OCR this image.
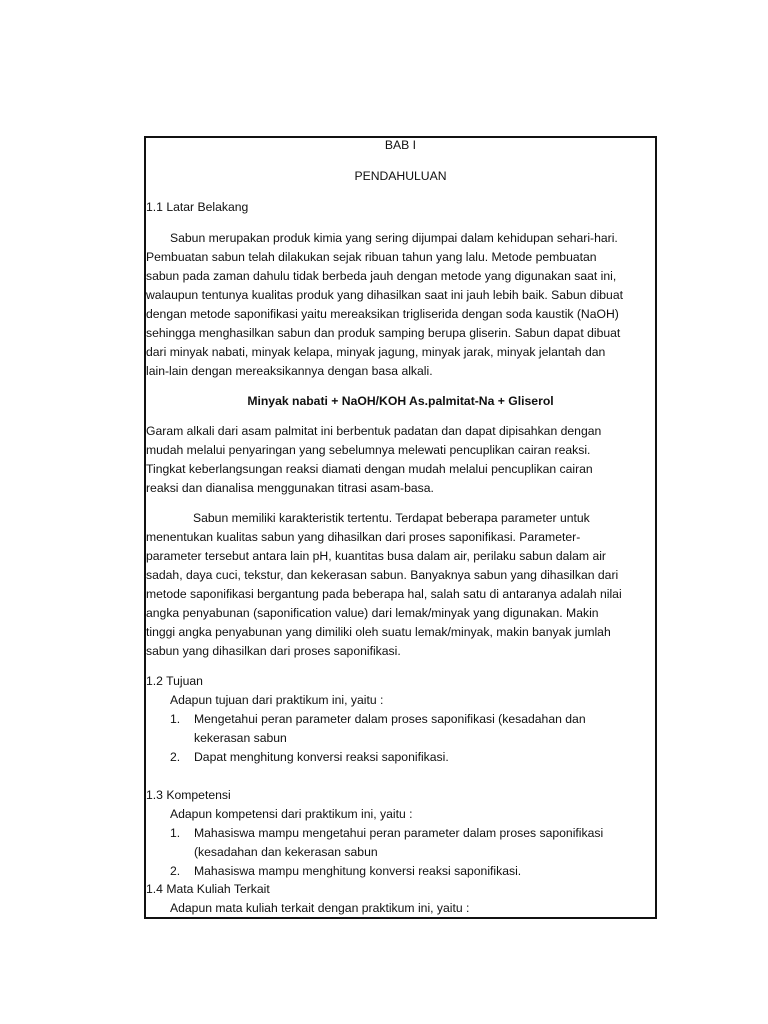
BAB I
PENDAHULUAN
1.1 Latar Belakang
Sabun merupakan produk kimia yang sering dijumpai dalam kehidupan sehari-hari.
Pembuatan sabun telah dilakukan sejak ribuan tahun yang lalu. Metode pembuatan
sabun pada zaman dahulu tidak berbeda jauh dengan metode yang digunakan saat ini,
walaupun tentunya kualitas produk yang dihasilkan saat ini jauh lebih baik. Sabun dibuat
dengan metode saponifikasi yaitu mereaksikan trigliserida dengan soda kaustik (NaOH)
sehingga menghasilkan sabun dan produk samping berupa gliserin. Sabun dapat dibuat
dari minyak nabati, minyak kelapa, minyak jagung, minyak jarak, minyak jelantah dan
lain-lain dengan mereaksikannya dengan basa alkali.
Minyak nabati + NaOH/KOH As.palmitat-Na + Gliserol
Garam alkali dari asam palmitat ini berbentuk padatan dan dapat dipisahkan dengan
mudah melalui penyaringan yang sebelumnya melewati pencuplikan cairan reaksi.
Tingkat keberlangsungan reaksi diamati dengan mudah melalui pencuplikan cairan
reaksi dan dianalisa menggunakan titrasi asam-basa.
Sabun memiliki karakteristik tertentu. Terdapat beberapa parameter untuk
menentukan kualitas sabun yang dihasilkan dari proses saponifikasi. Parameter-
parameter tersebut antara lain pH, kuantitas busa dalam air, perilaku sabun dalam air
sadah, daya cuci, tekstur, dan kekerasan sabun. Banyaknya sabun yang dihasilkan dari
metode saponifikasi bergantung pada beberapa hal, salah satu di antaranya adalah nilai
angka penyabunan (saponification value) dari lemak/minyak yang digunakan. Makin
tinggi angka penyabunan yang dimiliki oleh suatu lemak/minyak, makin banyak jumlah
sabun yang dihasilkan dari proses saponifikasi.
1.2 Tujuan
Adapun tujuan dari praktikum ini, yaitu :
1. Mengetahui peran parameter dalam proses saponifikasi (kesadahan dan
kekerasan sabun
2. Dapat menghitung konversi reaksi saponifikasi.
1.3 Kompetensi
Adapun kompetensi dari praktikum ini, yaitu :
1. Mahasiswa mampu mengetahui peran parameter dalam proses saponifikasi
(kesadahan dan kekerasan sabun
2. Mahasiswa mampu menghitung konversi reaksi saponifikasi.
1.4 Mata Kuliah Terkait
Adapun mata kuliah terkait dengan praktikum ini, yaitu :
